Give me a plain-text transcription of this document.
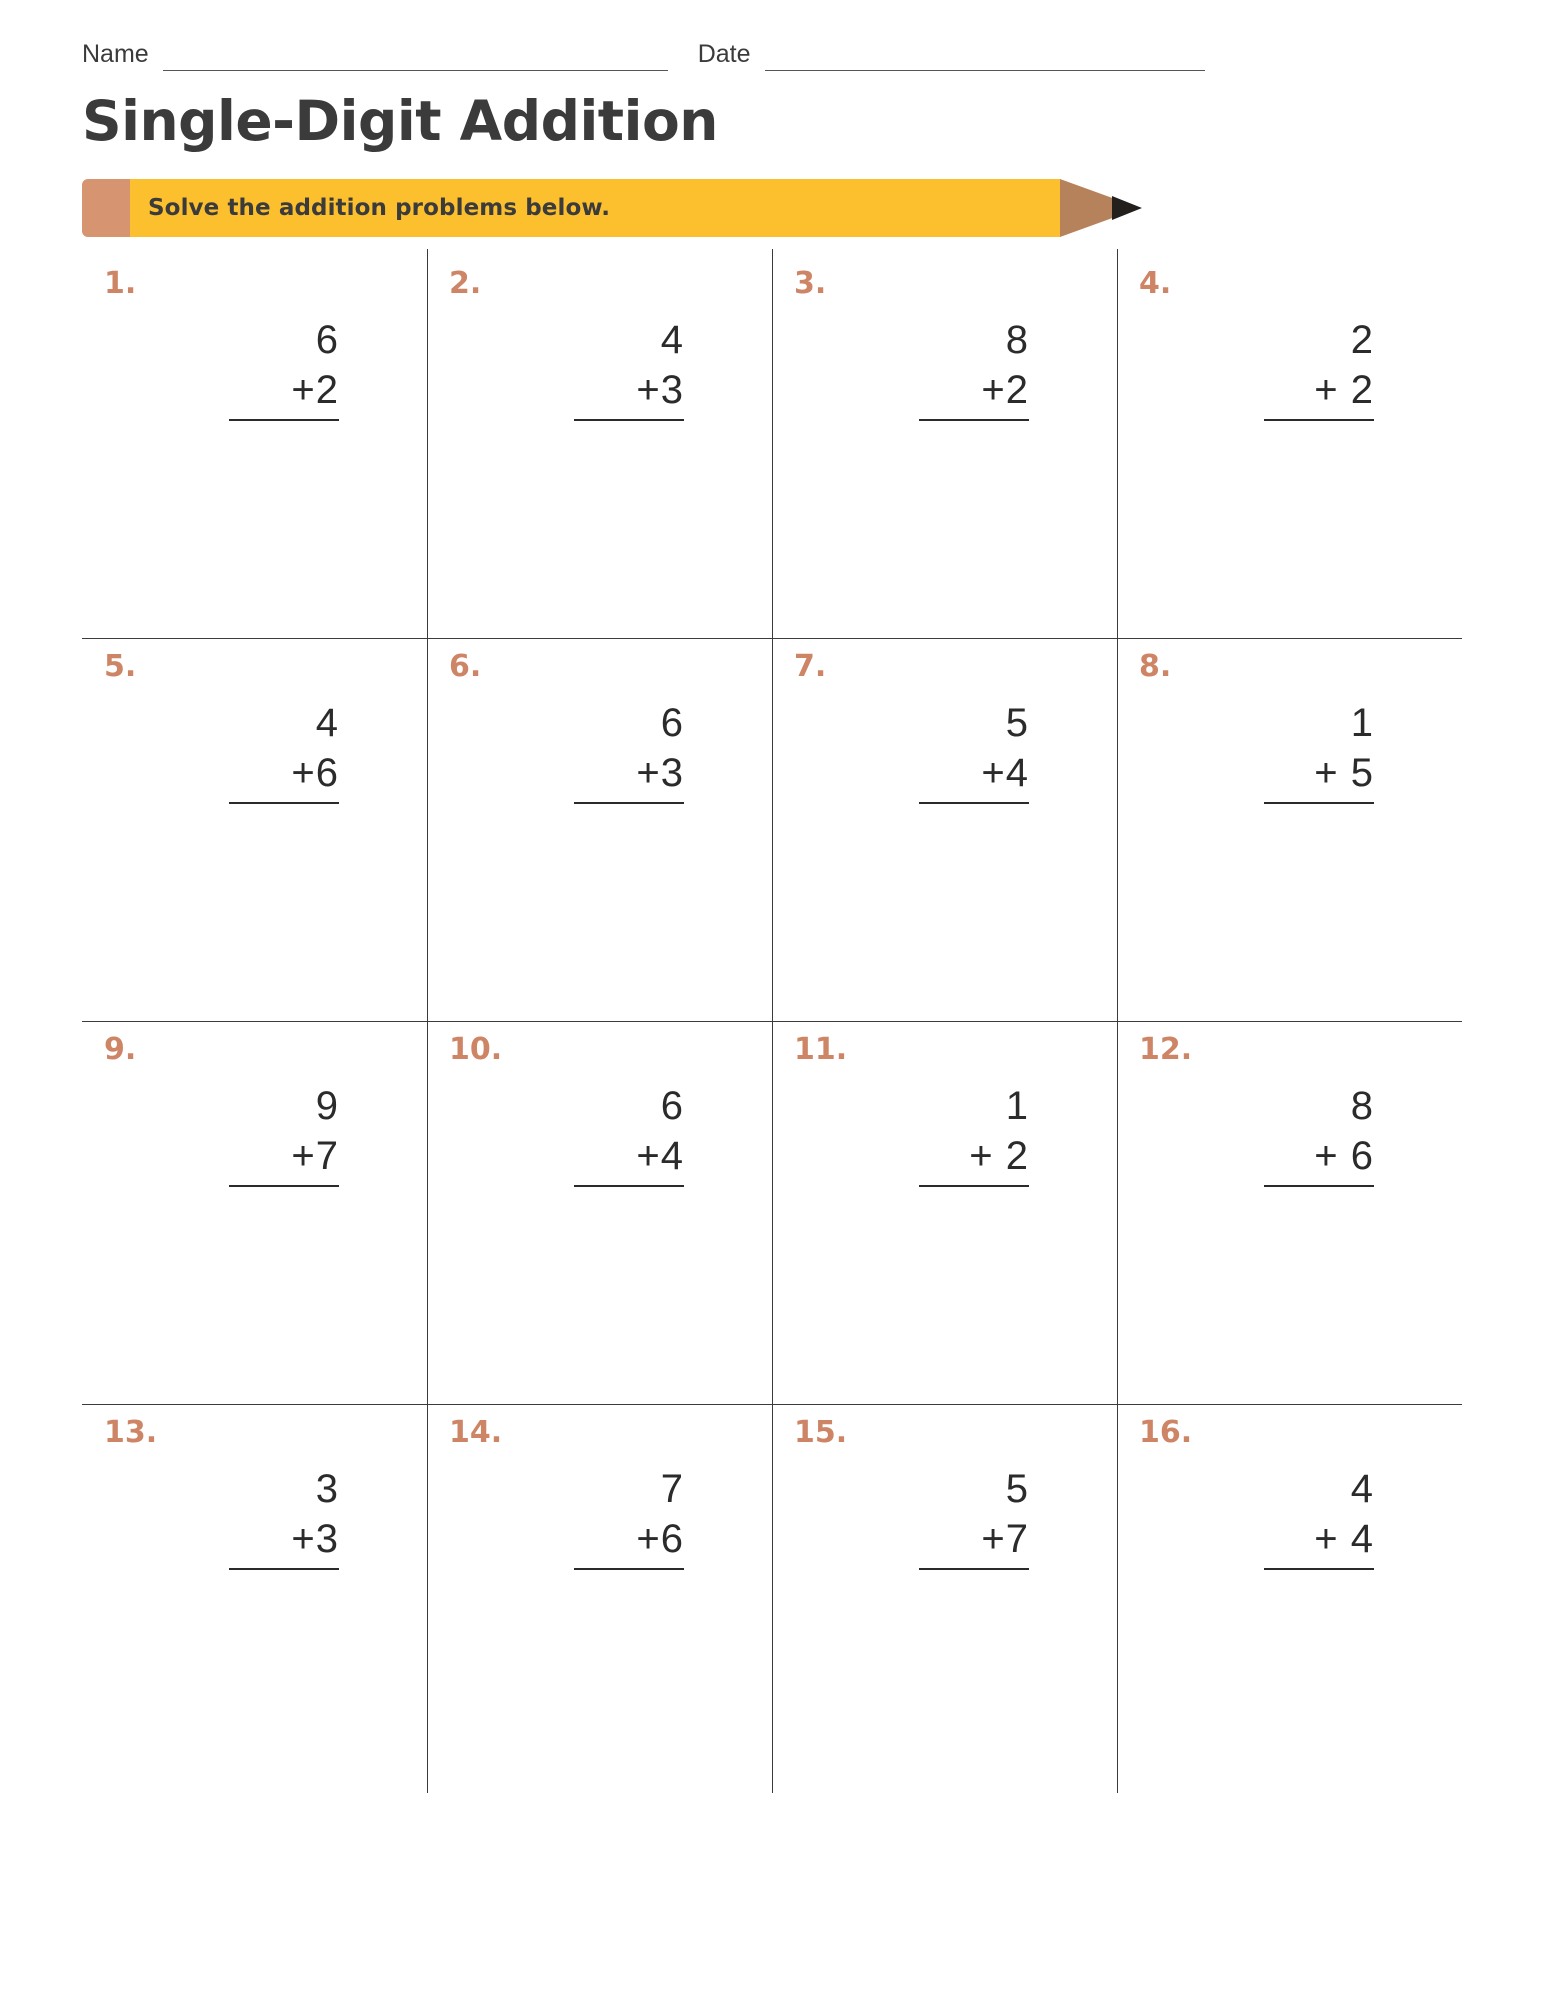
Name	Date
Single-Digit Addition
Solve the addition problems below.
1.
6
+2
2.
4
+3
3.
8
+2
4.
2
+ 2
5.
4
+6
6.
6
+3
7.
5
+4
8.
1
+ 5
9.
9
+7
10.
6
+4
11.
1
+ 2
12.
8
+ 6
13.
3
+3
14.
7
+6
15.
5
+7
16.
4
+ 4
